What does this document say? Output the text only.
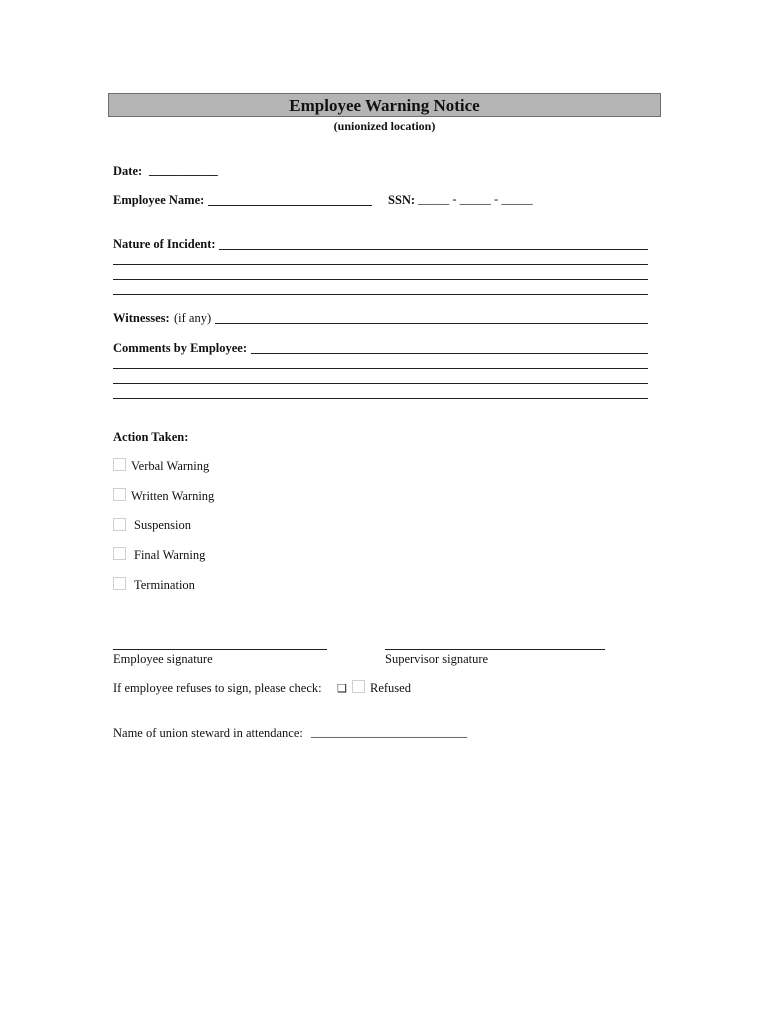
Employee Warning Notice
(unionized location)
Date: ___________
Employee Name:	SSN: _____ - _____ - _____
Nature of Incident:
Witnesses: (if any)
Comments by Employee:
Action Taken:
Verbal Warning
Written Warning
Suspension
Final Warning
Termination
Employee signature	Supervisor signature
If employee refuses to sign, please check: ❑ Refused
Name of union steward in attendance: _________________________
